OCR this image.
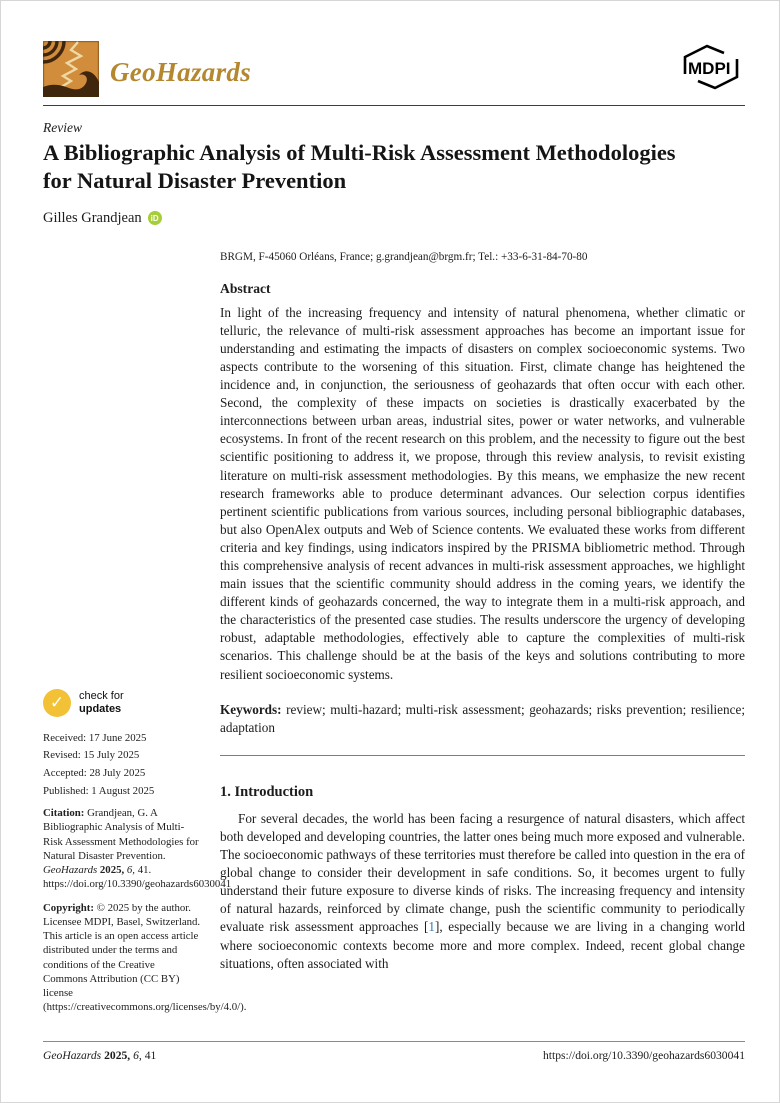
GeoHazards	MDPI
Review
A Bibliographic Analysis of Multi-Risk Assessment Methodologies for Natural Disaster Prevention
Gilles Grandjean	iD
✓	check for
updates
Received: 17 June 2025
Revised: 15 July 2025
Accepted: 28 July 2025
Published: 1 August 2025

Citation: Grandjean, G. A Bibliographic Analysis of Multi-Risk Assessment Methodologies for Natural Disaster Prevention. GeoHazards 2025, 6, 41. https://doi.org/10.3390/geohazards6030041

Copyright: © 2025 by the author. Licensee MDPI, Basel, Switzerland. This article is an open access article distributed under the terms and conditions of the Creative Commons Attribution (CC BY) license (https://creativecommons.org/licenses/by/4.0/).

BRGM, F-45060 Orléans, France; g.grandjean@brgm.fr; Tel.: +33-6-31-84-70-80

Abstract

In light of the increasing frequency and intensity of natural phenomena, whether climatic or telluric, the relevance of multi-risk assessment approaches has become an important issue for understanding and estimating the impacts of disasters on complex socioeconomic systems. Two aspects contribute to the worsening of this situation. First, climate change has heightened the incidence and, in conjunction, the seriousness of geohazards that often occur with each other. Second, the complexity of these impacts on societies is drastically exacerbated by the interconnections between urban areas, industrial sites, power or water networks, and vulnerable ecosystems. In front of the recent research on this problem, and the necessity to figure out the best scientific positioning to address it, we propose, through this review analysis, to revisit existing literature on multi-risk assessment methodologies. By this means, we emphasize the new recent research frameworks able to produce determinant advances. Our selection corpus identifies pertinent scientific publications from various sources, including personal bibliographic databases, but also OpenAlex outputs and Web of Science contents. We evaluated these works from different criteria and key findings, using indicators inspired by the PRISMA bibliometric method. Through this comprehensive analysis of recent advances in multi-risk assessment approaches, we highlight main issues that the scientific community should address in the coming years, we identify the different kinds of geohazards concerned, the way to integrate them in a multi-risk approach, and the characteristics of the presented case studies. The results underscore the urgency of developing robust, adaptable methodologies, effectively able to capture the complexities of multi-risk scenarios. This challenge should be at the basis of the keys and solutions contributing to more resilient socioeconomic systems.

Keywords: review; multi-hazard; multi-risk assessment; geohazards; risks prevention; resilience; adaptation

1. Introduction

For several decades, the world has been facing a resurgence of natural disasters, which affect both developed and developing countries, the latter ones being much more exposed and vulnerable. The socioeconomic pathways of these territories must therefore be called into question in the era of global change to consider their development in safe conditions. So, it becomes urgent to fully understand their future exposure to diverse kinds of risks. The increasing frequency and intensity of natural hazards, reinforced by climate change, push the scientific community to periodically evaluate risk assessment approaches [1], especially because we are living in a changing world where socioeconomic contexts become more and more complex. Indeed, recent global change situations, often associated with

GeoHazards 2025, 6, 41	https://doi.org/10.3390/geohazards6030041
